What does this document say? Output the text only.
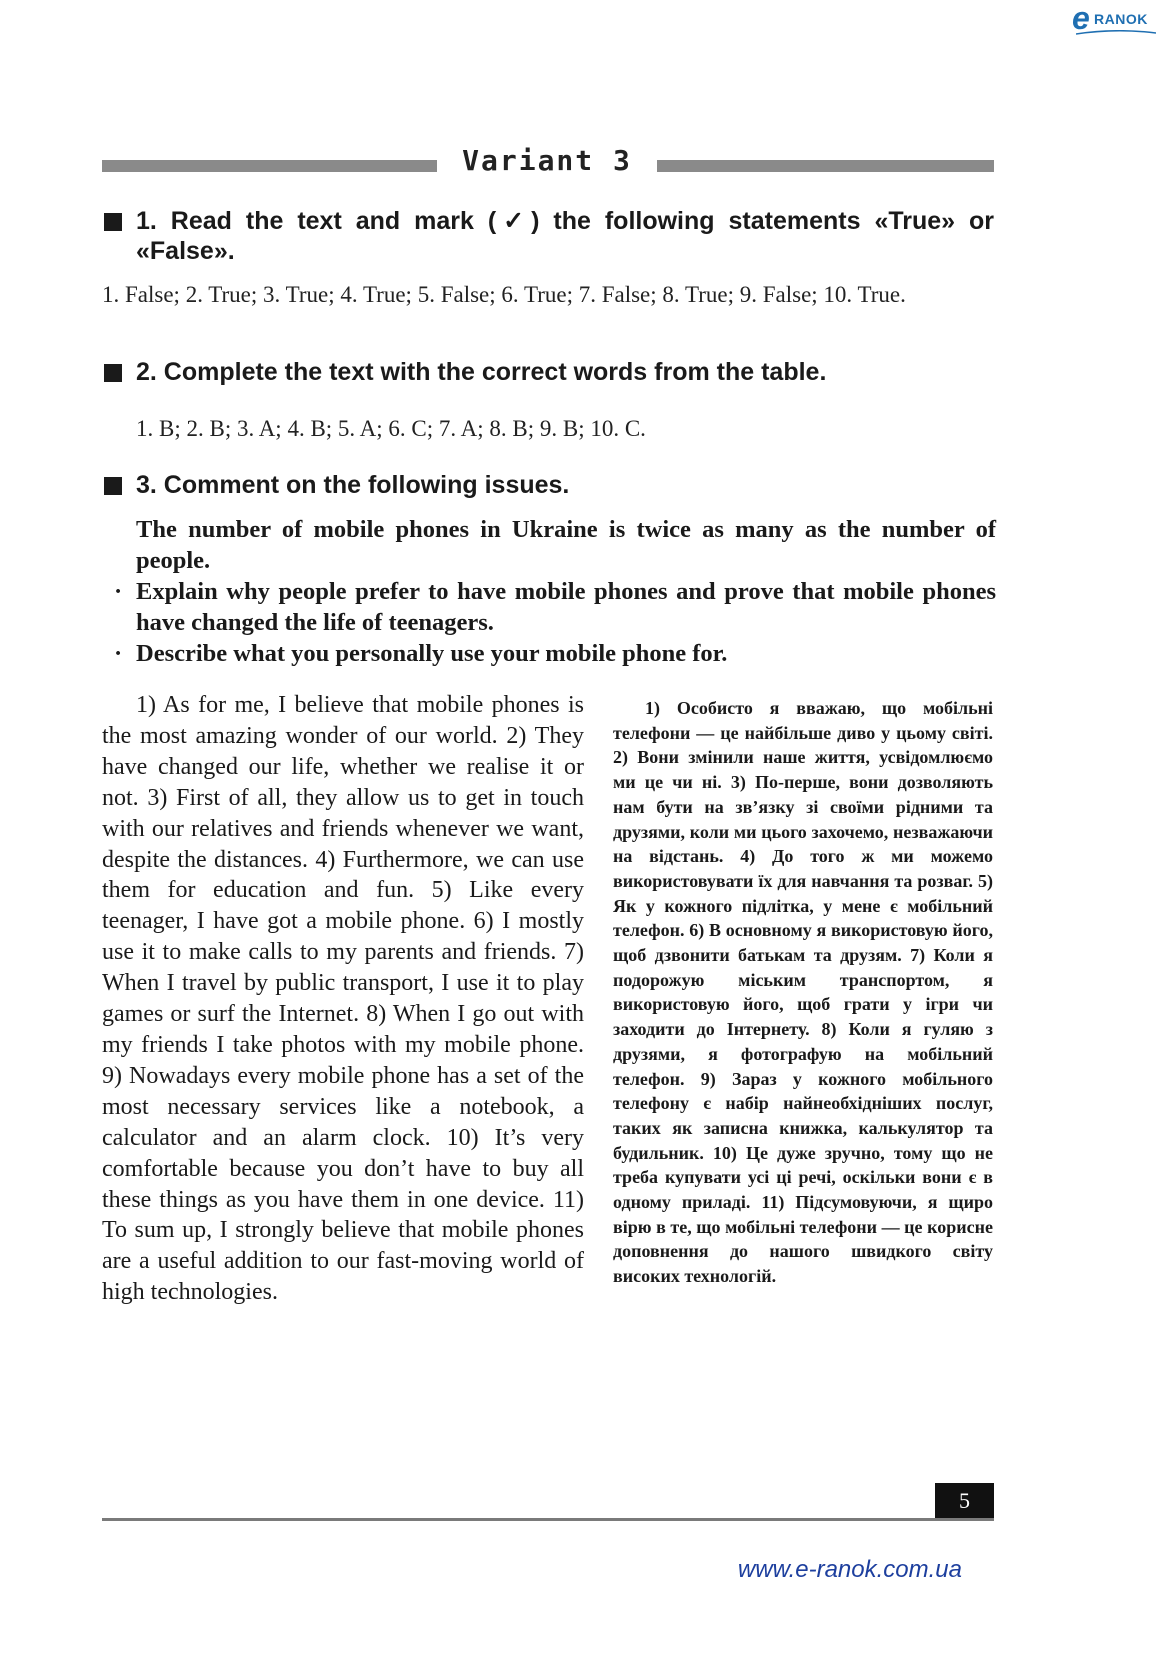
e RANOK
Variant 3
1. Read the text and mark (✓) the following statements «True» or «False».
1. False; 2. True; 3. True; 4. True; 5. False; 6. True; 7. False; 8. True; 9. False; 10. True.
2. Complete the text with the correct words from the table.
1. B; 2. B; 3. A; 4. B; 5. A; 6. C; 7. A; 8. B; 9. B; 10. C.
3. Comment on the following issues.
The number of mobile phones in Ukraine is twice as many as the number of people.
· Explain why people prefer to have mobile phones and prove that mobile phones have changed the life of teenagers.
· Describe what you personally use your mobile phone for.
1) As for me, I believe that mobile phones is the most amazing wonder of our world. 2) They have changed our life, whether we realise it or not. 3) First of all, they allow us to get in touch with our relatives and friends whenever we want, despite the distances. 4) Furthermore, we can use them for education and fun. 5) Like every teenager, I have got a mobile phone. 6) I mostly use it to make calls to my parents and friends. 7) When I travel by public transport, I use it to play games or surf the Internet. 8) When I go out with my friends I take photos with my mobile phone. 9) Nowadays every mobile phone has a set of the most necessary services like a notebook, a calculator and an alarm clock. 10) It’s very comfortable because you don’t have to buy all these things as you have them in one device. 11) To sum up, I strongly believe that mobile phones are a useful addition to our fast-moving world of high technologies.
1) Особисто я вважаю, що мобільні телефони — це найбільше диво у цьому світі. 2) Вони змінили наше життя, усвідомлюємо ми це чи ні. 3) По-перше, вони дозволяють нам бути на зв’язку зі своїми рідними та друзями, коли ми цього захочемо, незважаючи на відстань. 4) До того ж ми можемо використовувати їх для навчання та розваг. 5) Як у кожного підлітка, у мене є мобільний телефон. 6) В основному я використовую його, щоб дзвонити батькам та друзям. 7) Коли я подорожую міським транспортом, я використовую його, щоб грати у ігри чи заходити до Інтернету. 8) Коли я гуляю з друзями, я фотографую на мобільний телефон. 9) Зараз у кожного мобільного телефону є набір найнеобхідніших послуг, таких як записна книжка, калькулятор та будильник. 10) Це дуже зручно, тому що не треба купувати усі ці речі, оскільки вони є в одному приладі. 11) Підсумовуючи, я щиро вірю в те, що мобільні телефони — це корисне доповнення до нашого швидкого світу високих технологій.
5
www.e-ranok.com.ua
